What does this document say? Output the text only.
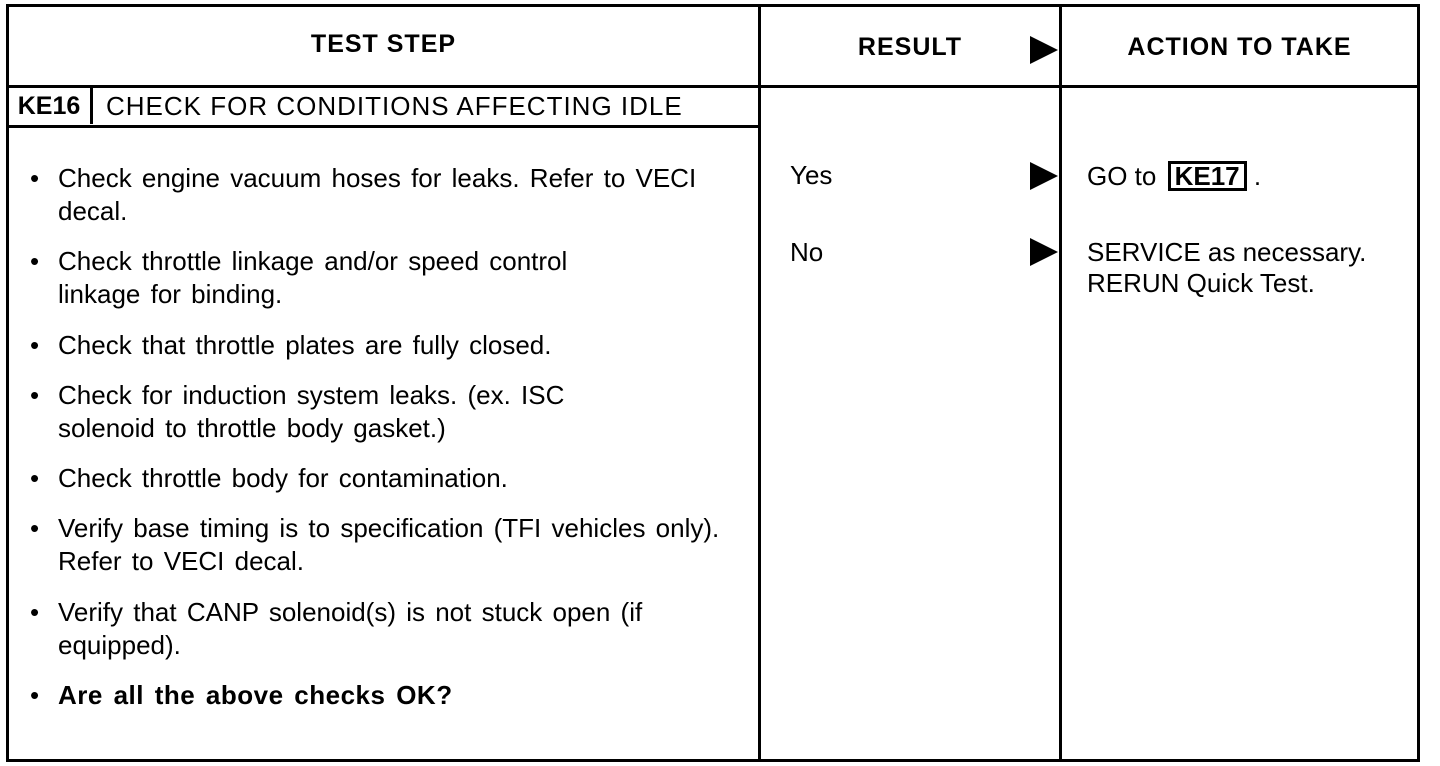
TEST STEP	RESULT	ACTION TO TAKE
KE16 CHECK FOR CONDITIONS AFFECTING IDLE
• Check engine vacuum hoses for leaks. Refer to VECI decal.
• Check throttle linkage and/or speed control linkage for binding.
• Check that throttle plates are fully closed.
• Check for induction system leaks. (ex. ISC solenoid to throttle body gasket.)
• Check throttle body for contamination.
• Verify base timing is to specification (TFI vehicles only). Refer to VECI decal.
• Verify that CANP solenoid(s) is not stuck open (if equipped).
• Are all the above checks OK?
Yes
No
GO to KE17 .
SERVICE as necessary.
RERUN Quick Test.
